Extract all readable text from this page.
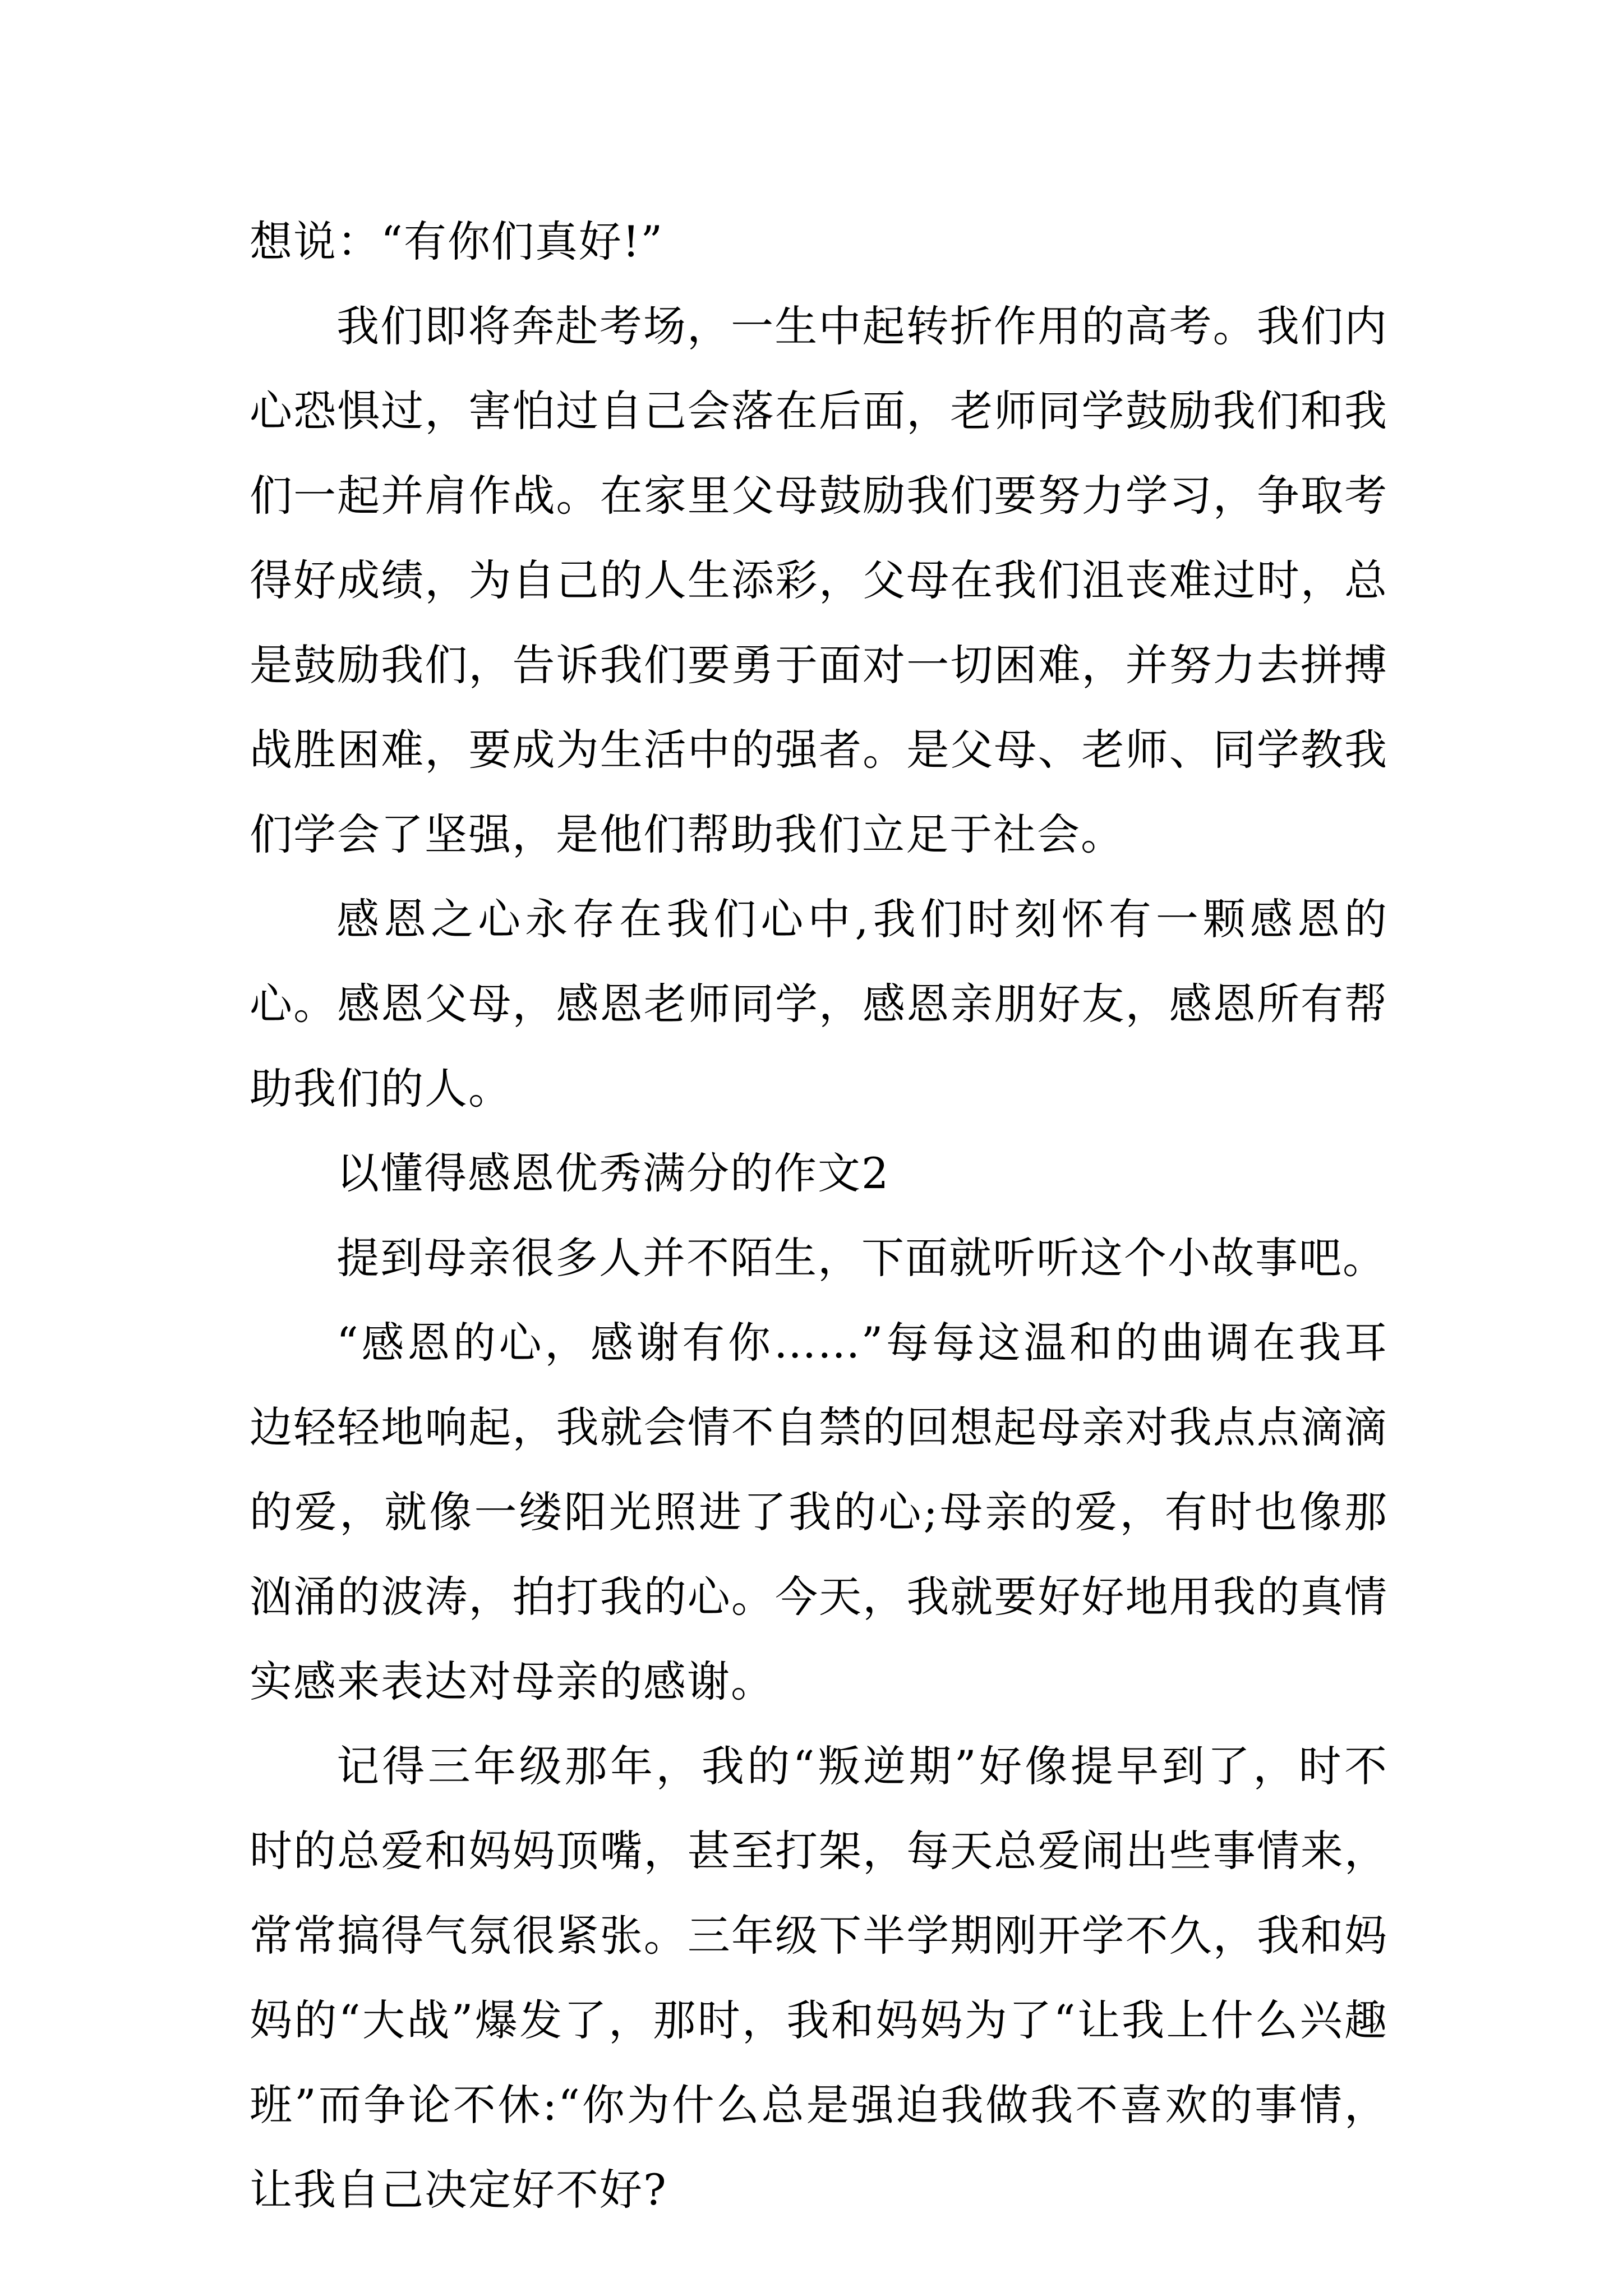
想说：“有你们真好!”

我们即将奔赴考场，一生中起转折作用的高考。我们内心恐惧过，害怕过自己会落在后面，老师同学鼓励我们和我们一起并肩作战。在家里父母鼓励我们要努力学习，争取考得好成绩，为自己的人生添彩，父母在我们沮丧难过时，总是鼓励我们，告诉我们要勇于面对一切困难，并努力去拼搏战胜困难，要成为生活中的强者。是父母、老师、同学教我们学会了坚强，是他们帮助我们立足于社会。

感恩之心永存在我们心中,我们时刻怀有一颗感恩的心。感恩父母，感恩老师同学，感恩亲朋好友，感恩所有帮助我们的人。

以懂得感恩优秀满分的作文2

提到母亲很多人并不陌生，下面就听听这个小故事吧。

“感恩的心，感谢有你……”每每这温和的曲调在我耳边轻轻地响起，我就会情不自禁的回想起母亲对我点点滴滴的爱，就像一缕阳光照进了我的心;母亲的爱，有时也像那汹涌的波涛，拍打我的心。今天，我就要好好地用我的真情实感来表达对母亲的感谢。

记得三年级那年，我的“叛逆期”好像提早到了，时不时的总爱和妈妈顶嘴，甚至打架，每天总爱闹出些事情来，常常搞得气氛很紧张。三年级下半学期刚开学不久，我和妈妈的“大战”爆发了，那时，我和妈妈为了“让我上什么兴趣班”而争论不休:“你为什么总是强迫我做我不喜欢的事情，让我自己决定好不好?
